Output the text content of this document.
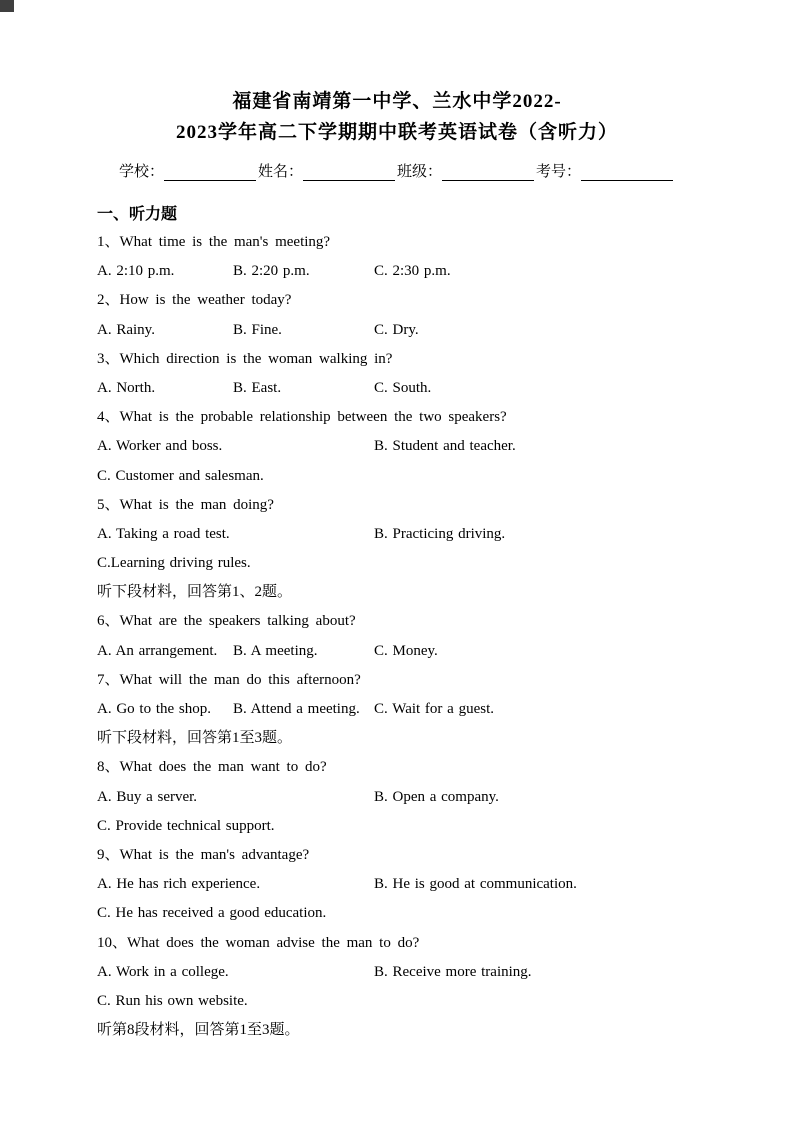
福建省南靖第一中学、兰水中学2022-
2023学年高二下学期期中联考英语试卷（含听力）
学校：	姓名：	班级：	考号：
一、听力题
1、What time is the man's meeting?
A. 2:10 p.m.	B. 2:20 p.m.	C. 2:30 p.m.
2、How is the weather today?
A. Rainy.	B. Fine.	C. Dry.
3、Which direction is the woman walking in?
A. North.	B. East.	C. South.
4、What is the probable relationship between the two speakers?
A. Worker and boss.	B. Student and teacher.
C. Customer and salesman.
5、What is the man doing?
A. Taking a road test.	B. Practicing driving.
C.Learning driving rules.
听下段材料，回答第1、2题。
6、What are the speakers talking about?
A. An arrangement. B. A meeting.	C. Money.
7、What will the man do this afternoon?
A. Go to the shop. B. Attend a meeting. C. Wait for a guest.
听下段材料，回答第1至3题。
8、What does the man want to do?
A. Buy a server.	B. Open a company.
C. Provide technical support.
9、What is the man's advantage?
A. He has rich experience.	B. He is good at communication.
C. He has received a good education.
10、What does the woman advise the man to do?
A. Work in a college.	B. Receive more training.
C. Run his own website.
听第8段材料，回答第1至3题。
